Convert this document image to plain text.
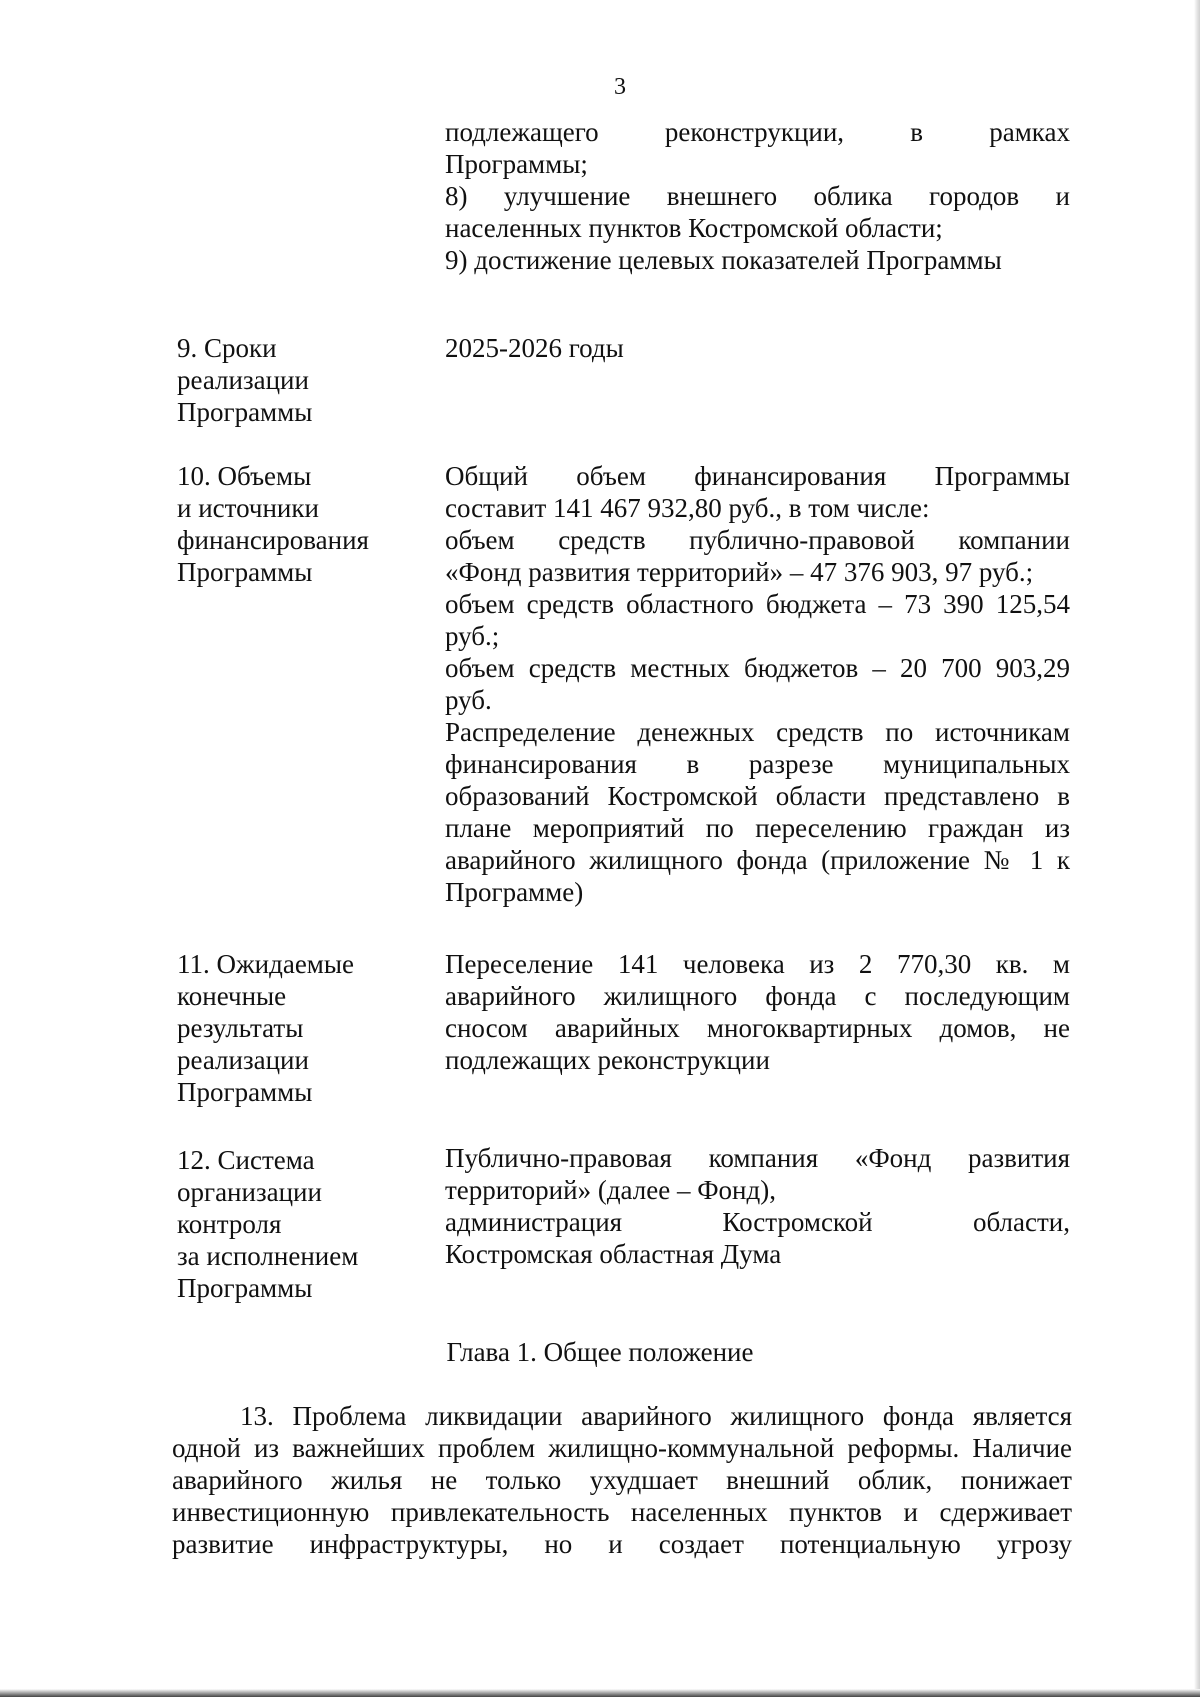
3
подлежащего реконструкции, в рамках
Программы;
8) улучшение внешнего облика городов и
населенных пунктов Костромской области;
9) достижение целевых показателей Программы
9. Сроки
реализации
Программы
2025-2026 годы
10. Объемы
и источники
финансирования
Программы
Общий объем финансирования Программы
составит 141 467 932,80 руб., в том числе:
объем средств публично-правовой компании
«Фонд развития территорий» – 47 376 903, 97 руб.;
объем средств областного бюджета – 73 390 125,54
руб.;
объем средств местных бюджетов – 20 700 903,29
руб.
Распределение денежных средств по источникам
финансирования в разрезе муниципальных
образований Костромской области представлено в
плане мероприятий по переселению граждан из
аварийного жилищного фонда (приложение № 1 к
Программе)
11. Ожидаемые
конечные
результаты
реализации
Программы
Переселение 141 человека из 2 770,30 кв. м
аварийного жилищного фонда с последующим
сносом аварийных многоквартирных домов, не
подлежащих реконструкции
12. Система
организации
контроля
за исполнением
Программы
Публично-правовая компания «Фонд развития
территорий» (далее – Фонд),
администрация Костромской области,
Костромская областная Дума
Глава 1. Общее положение
13. Проблема ликвидации аварийного жилищного фонда является
одной из важнейших проблем жилищно-коммунальной реформы. Наличие
аварийного жилья не только ухудшает внешний облик, понижает
инвестиционную привлекательность населенных пунктов и сдерживает
развитие инфраструктуры, но и создает потенциальную угрозу
